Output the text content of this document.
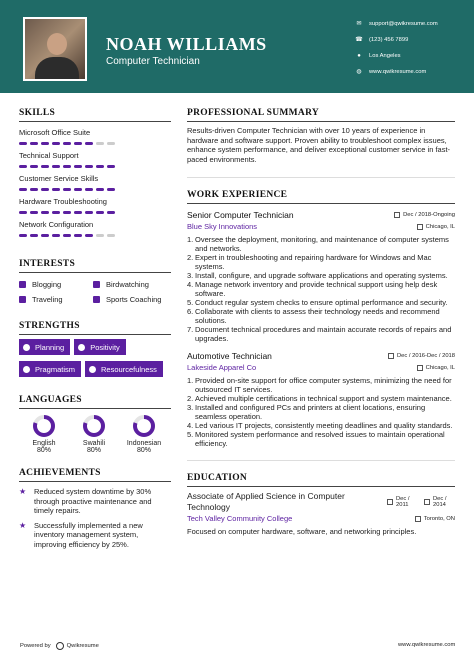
NOAH WILLIAMS
Computer Technician
✉ support@qwikresume.com
☎ (123) 456 7899
●	Los Angeles
◍ www.qwikresume.com
SKILLS
Microsoft Office Suite
Technical Support
Customer Service Skills
Hardware Troubleshooting
Network Configuration
INTERESTS
Blogging	Birdwatching
Traveling	Sports Coaching
STRENGTHS
Planning	Positivity
Pragmatism	Resourcefulness
LANGUAGES
English
80%
Swahili
80%
Indonesian
80%
ACHIEVEMENTS
★ Reduced system downtime by 30% through proactive maintenance and timely repairs.
★ Successfully implemented a new inventory management system, improving efficiency by 25%.
PROFESSIONAL SUMMARY
Results-driven Computer Technician with over 10 years of experience in hardware and software support. Proven ability to troubleshoot complex issues, enhance system performance, and deliver exceptional customer service in fast-paced environments.
WORK EXPERIENCE
Senior Computer Technician	Dec / 2018-Ongoing
Blue Sky Innovations	Chicago, IL
1. Oversee the deployment, monitoring, and maintenance of computer systems and networks.
2. Expert in troubleshooting and repairing hardware for Windows and Mac systems.
3. Install, configure, and upgrade software applications and operating systems.
4. Manage network inventory and provide technical support using help desk software.
5. Conduct regular system checks to ensure optimal performance and security.
6. Collaborate with clients to assess their technology needs and recommend solutions.
7. Document technical procedures and maintain accurate records of repairs and upgrades.
Automotive Technician	Dec / 2016-Dec / 2018
Lakeside Apparel Co	Chicago, IL
1. Provided on-site support for office computer systems, minimizing the need for outsourced IT services.
2. Achieved multiple certifications in technical support and system maintenance.
3. Installed and configured PCs and printers at client locations, ensuring seamless operation.
4. Led various IT projects, consistently meeting deadlines and quality standards.
5. Monitored system performance and resolved issues to maintain operational efficiency.
EDUCATION
Associate of Applied Science in Computer Technology
Dec / 2011
Dec / 2014
Tech Valley Community College	Toronto, ON
Focused on computer hardware, software, and networking principles.
Powered by	Qwikresume	www.qwikresume.com
